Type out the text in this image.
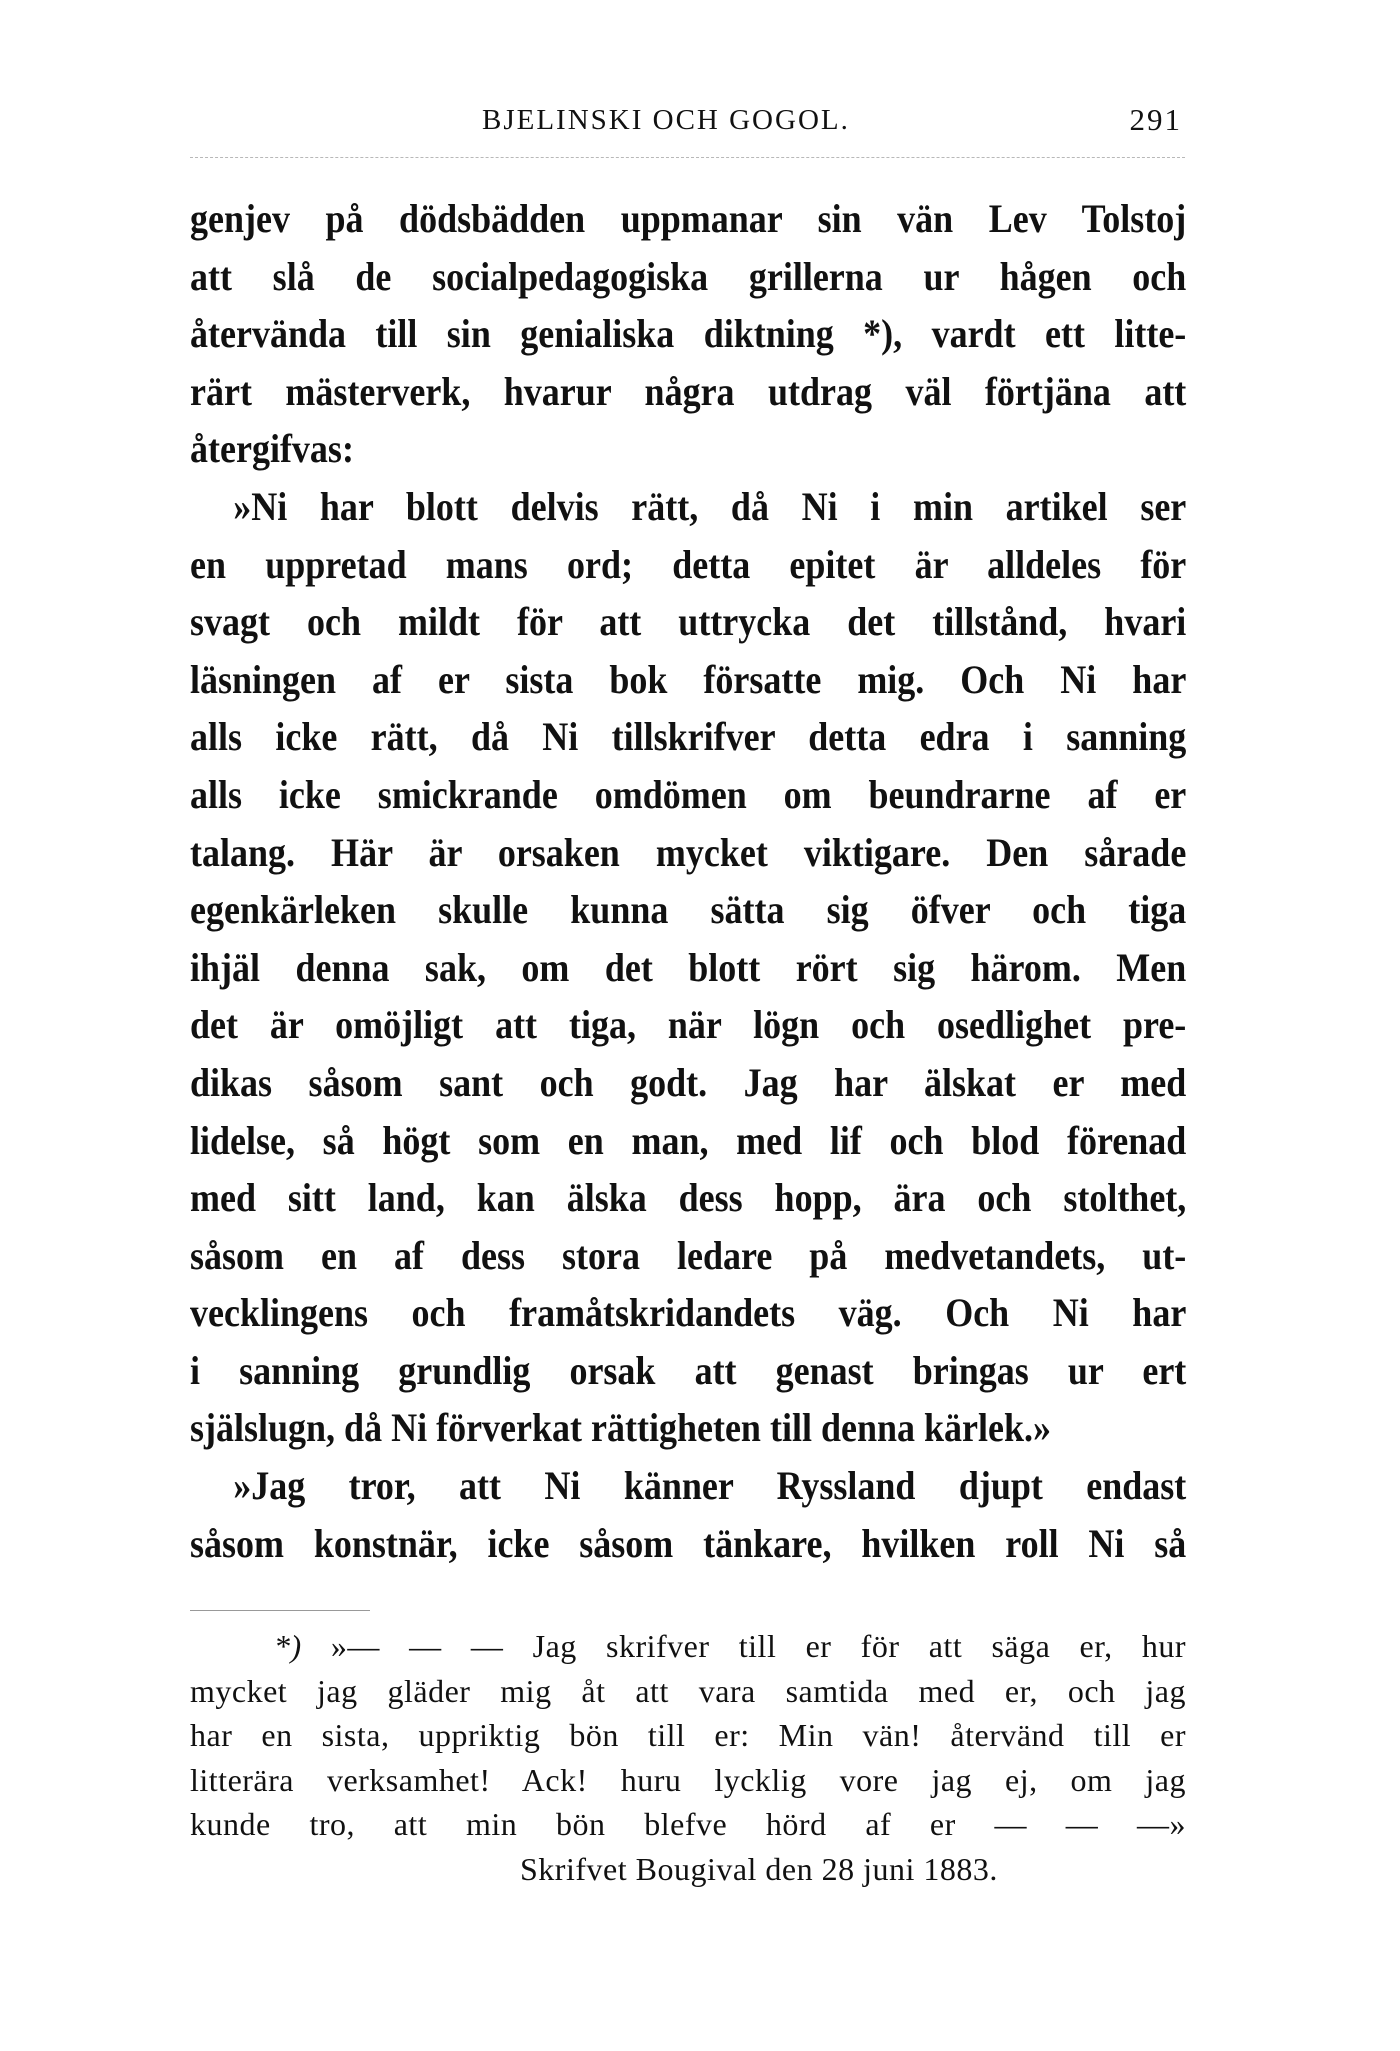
BJELINSKI OCH GOGOL.	291
genjev på dödsbädden uppmanar sin vän Lev Tolstoj
att slå de socialpedagogiska grillerna ur hågen och
återvända till sin genialiska diktning *), vardt ett litte-
rärt mästerverk, hvarur några utdrag väl förtjäna att
återgifvas:
»Ni har blott delvis rätt, då Ni i min artikel ser
en uppretad mans ord; detta epitet är alldeles för
svagt och mildt för att uttrycka det tillstånd, hvari
läsningen af er sista bok försatte mig. Och Ni har
alls icke rätt, då Ni tillskrifver detta edra i sanning
alls icke smickrande omdömen om beundrarne af er
talang. Här är orsaken mycket viktigare. Den sårade
egenkärleken skulle kunna sätta sig öfver och tiga
ihjäl denna sak, om det blott rört sig härom. Men
det är omöjligt att tiga, när lögn och osedlighet pre-
dikas såsom sant och godt. Jag har älskat er med
lidelse, så högt som en man, med lif och blod förenad
med sitt land, kan älska dess hopp, ära och stolthet,
såsom en af dess stora ledare på medvetandets, ut-
vecklingens och framåtskridandets väg. Och Ni har
i sanning grundlig orsak att genast bringas ur ert
själslugn, då Ni förverkat rättigheten till denna kärlek.»
»Jag tror, att Ni känner Ryssland djupt endast
såsom konstnär, icke såsom tänkare, hvilken roll Ni så
*) »— — — Jag skrifver till er för att säga er, hur
mycket jag gläder mig åt att vara samtida med er, och jag
har en sista, uppriktig bön till er: Min vän! återvänd till er
litterära verksamhet! Ack! huru lycklig vore jag ej, om jag
kunde tro, att min bön blefve hörd af er — — —»
Skrifvet Bougival den 28 juni 1883.
